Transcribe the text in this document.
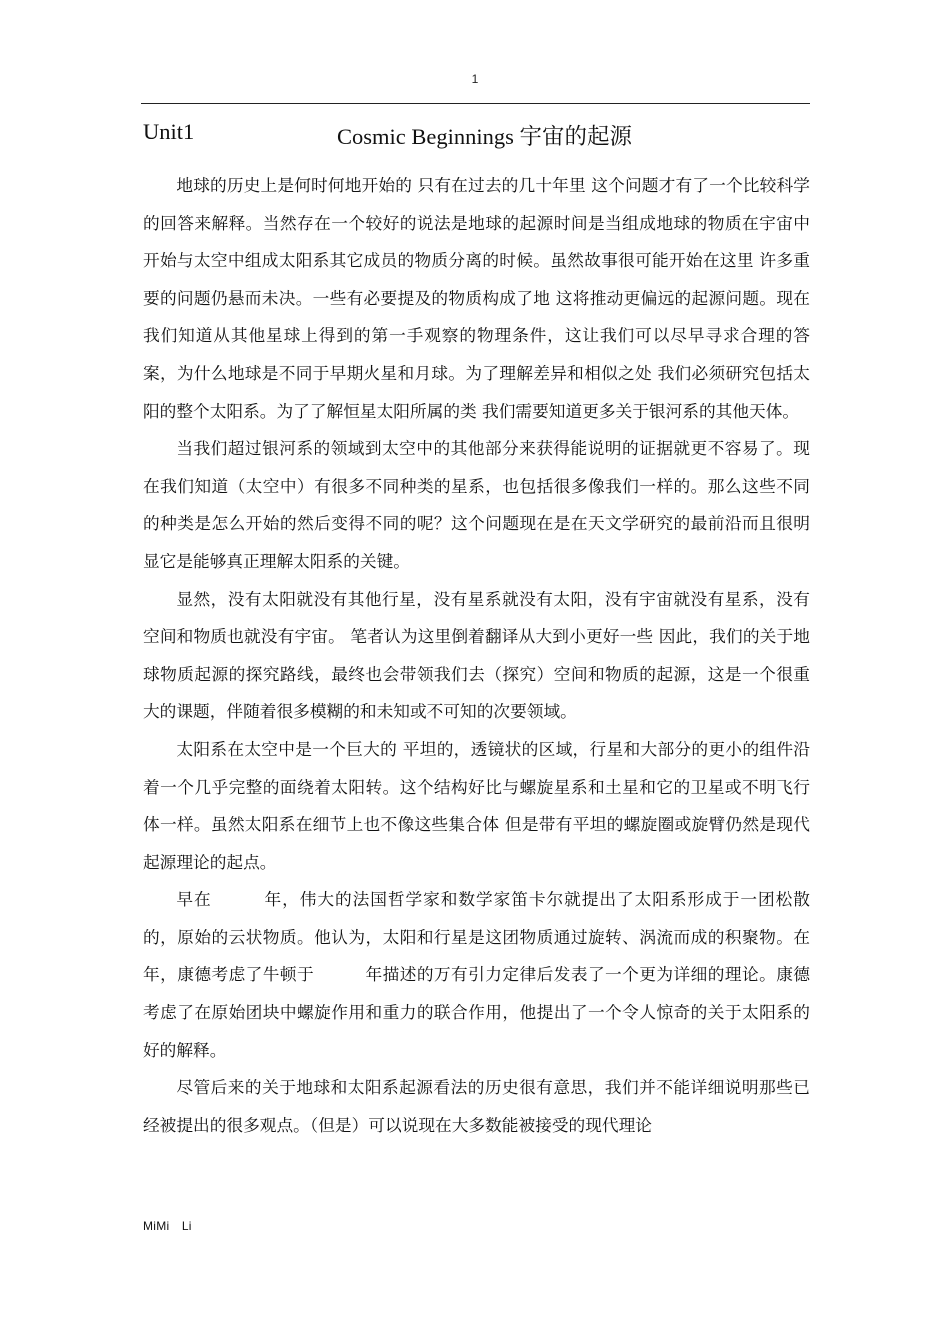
1
Unit1	Cosmic Beginnings 宇宙的起源

地球的历史上是何时何地开始的 只有在过去的几十年里 这个问题才有了一个比较科学的回答来解释。当然存在一个较好的说法是地球的起源时间是当组成地球的物质在宇宙中开始与太空中组成太阳系其它成员的物质分离的时候。虽然故事很可能开始在这里 许多重要的问题仍悬而未决。一些有必要提及的物质构成了地 这将推动更偏远的起源问题。现在我们知道从其他星球上得到的第一手观察的物理条件，这让我们可以尽早寻求合理的答案，为什么地球是不同于早期火星和月球。为了理解差异和相似之处 我们必须研究包括太阳的整个太阳系。为了了解恒星太阳所属的类 我们需要知道更多关于银河系的其他天体。

当我们超过银河系的领域到太空中的其他部分来获得能说明的证据就更不容易了。现在我们知道（太空中）有很多不同种类的星系，也包括很多像我们一样的。那么这些不同的种类是怎么开始的然后变得不同的呢？这个问题现在是在天文学研究的最前沿而且很明显它是能够真正理解太阳系的关键。

显然，没有太阳就没有其他行星，没有星系就没有太阳，没有宇宙就没有星系，没有空间和物质也就没有宇宙。 笔者认为这里倒着翻译从大到小更好一些 因此，我们的关于地球物质起源的探究路线，最终也会带领我们去（探究）空间和物质的起源，这是一个很重大的课题，伴随着很多模糊的和未知或不可知的次要领域。

太阳系在太空中是一个巨大的 平坦的，透镜状的区域，行星和大部分的更小的组件沿着一个几乎完整的面绕着太阳转。这个结构好比与螺旋星系和土星和它的卫星或不明飞行体一样。虽然太阳系在细节上也不像这些集合体 但是带有平坦的螺旋圈或旋臂仍然是现代起源理论的起点。

早在　　　年，伟大的法国哲学家和数学家笛卡尔就提出了太阳系形成于一团松散的，原始的云状物质。他认为，太阳和行星是这团物质通过旋转、涡流而成的积聚物。在　　　年，康德考虑了牛顿于　　　年描述的万有引力定律后发表了一个更为详细的理论。康德考虑了在原始团块中螺旋作用和重力的联合作用，他提出了一个令人惊奇的关于太阳系的好的解释。

尽管后来的关于地球和太阳系起源看法的历史很有意思，我们并不能详细说明那些已经被提出的很多观点。（但是）可以说现在大多数能被接受的现代理论

MiMi　Li
